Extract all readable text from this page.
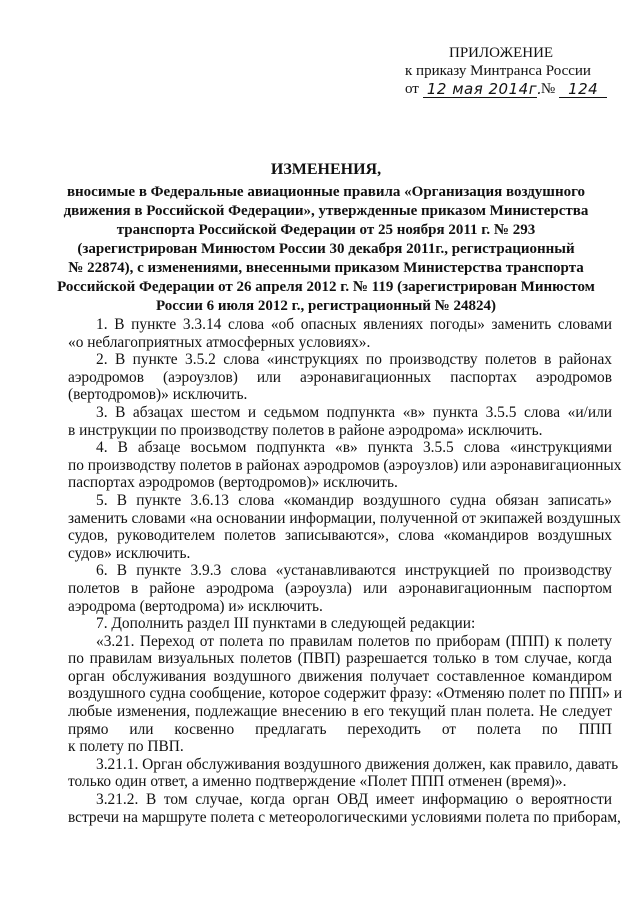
ПРИЛОЖЕНИЕ
к приказу Минтранса России
от 12 мая 2014г.
№ 124
ИЗМЕНЕНИЯ,
вносимые в Федеральные авиационные правила «Организация воздушного
движения в Российской Федерации», утвержденные приказом Министерства
транспорта Российской Федерации от 25 ноября 2011 г. № 293
(зарегистрирован Минюстом России 30 декабря 2011г., регистрационный
№ 22874), с изменениями, внесенными приказом Министерства транспорта
Российской Федерации от 26 апреля 2012 г. № 119 (зарегистрирован Минюстом
России 6 июля 2012 г., регистрационный № 24824)
1. В пункте 3.3.14 слова «об опасных явлениях погоды» заменить словами
«о неблагоприятных атмосферных условиях».
2. В пункте 3.5.2 слова «инструкциях по производству полетов в районах
аэродромов (аэроузлов) или аэронавигационных паспортах аэродромов
(вертодромов)» исключить.
3. В абзацах шестом и седьмом подпункта «в» пункта 3.5.5 слова «и/или
в инструкции по производству полетов в районе аэродрома» исключить.
4. В абзаце восьмом подпункта «в» пункта 3.5.5 слова «инструкциями
по производству полетов в районах аэродромов (аэроузлов) или аэронавигационных
паспортах аэродромов (вертодромов)» исключить.
5. В пункте 3.6.13 слова «командир воздушного судна обязан записать»
заменить словами «на основании информации, полученной от экипажей воздушных
судов, руководителем полетов записываются», слова «командиров воздушных
судов» исключить.
6. В пункте 3.9.3 слова «устанавливаются инструкцией по производству
полетов в районе аэродрома (аэроузла) или аэронавигационным паспортом
аэродрома (вертодрома) и» исключить.
7. Дополнить раздел III пунктами в следующей редакции:
«3.21. Переход от полета по правилам полетов по приборам (ППП) к полету
по правилам визуальных полетов (ПВП) разрешается только в том случае, когда
орган обслуживания воздушного движения получает составленное командиром
воздушного судна сообщение, которое содержит фразу: «Отменяю полет по ППП» и
любые изменения, подлежащие внесению в его текущий план полета. Не следует
прямо или косвенно предлагать переходить от полета по ППП
к полету по ПВП.
3.21.1. Орган обслуживания воздушного движения должен, как правило, давать
только один ответ, а именно подтверждение «Полет ППП отменен (время)».
3.21.2. В том случае, когда орган ОВД имеет информацию о вероятности
встречи на маршруте полета с метеорологическими условиями полета по приборам,
